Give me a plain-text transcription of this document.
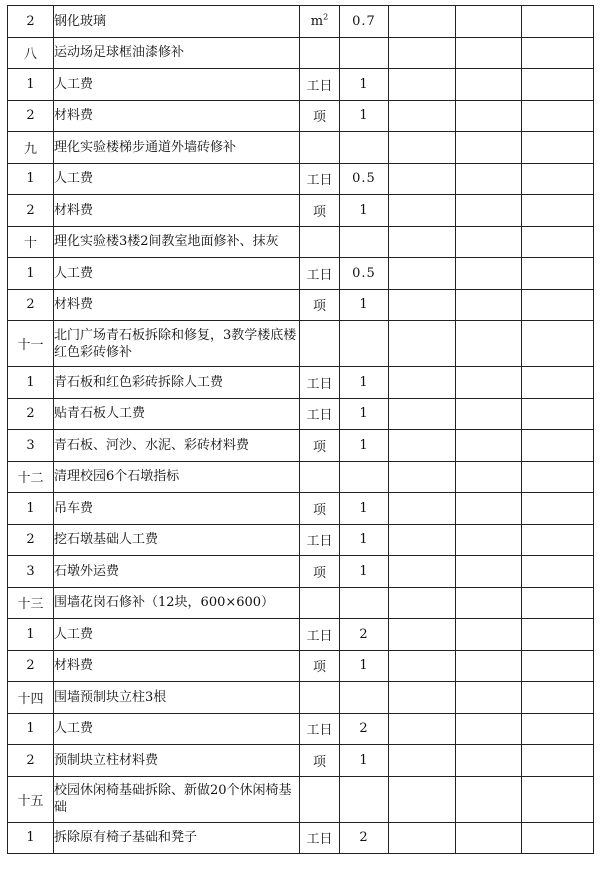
2	钢化玻璃	$m^2$	0.7			
八	运动场足球框油漆修补					
1	人工费	工日	1			
2	材料费	项	1			
九	理化实验楼梯步通道外墙砖修补					
1	人工费	工日	0.5			
2	材料费	项	1			
十	理化实验楼3楼2间教室地面修补、抹灰					
1	人工费	工日	0.5			
2	材料费	项	1			
十一	北门广场青石板拆除和修复，3教学楼底楼红色彩砖修补					
1	青石板和红色彩砖拆除人工费	工日	1			
2	贴青石板人工费	工日	1			
3	青石板、河沙、水泥、彩砖材料费	项	1			
十二	清理校园6个石墩指标					
1	吊车费	项	1			
2	挖石墩基础人工费	工日	1			
3	石墩外运费	项	1			
十三	围墙花岗石修补（12块，600×600）					
1	人工费	工日	2			
2	材料费	项	1			
十四	围墙预制块立柱3根					
1	人工费	工日	2			
2	预制块立柱材料费	项	1			
十五	校园休闲椅基础拆除、新做20个休闲椅基础					
1	拆除原有椅子基础和凳子	工日	2			
